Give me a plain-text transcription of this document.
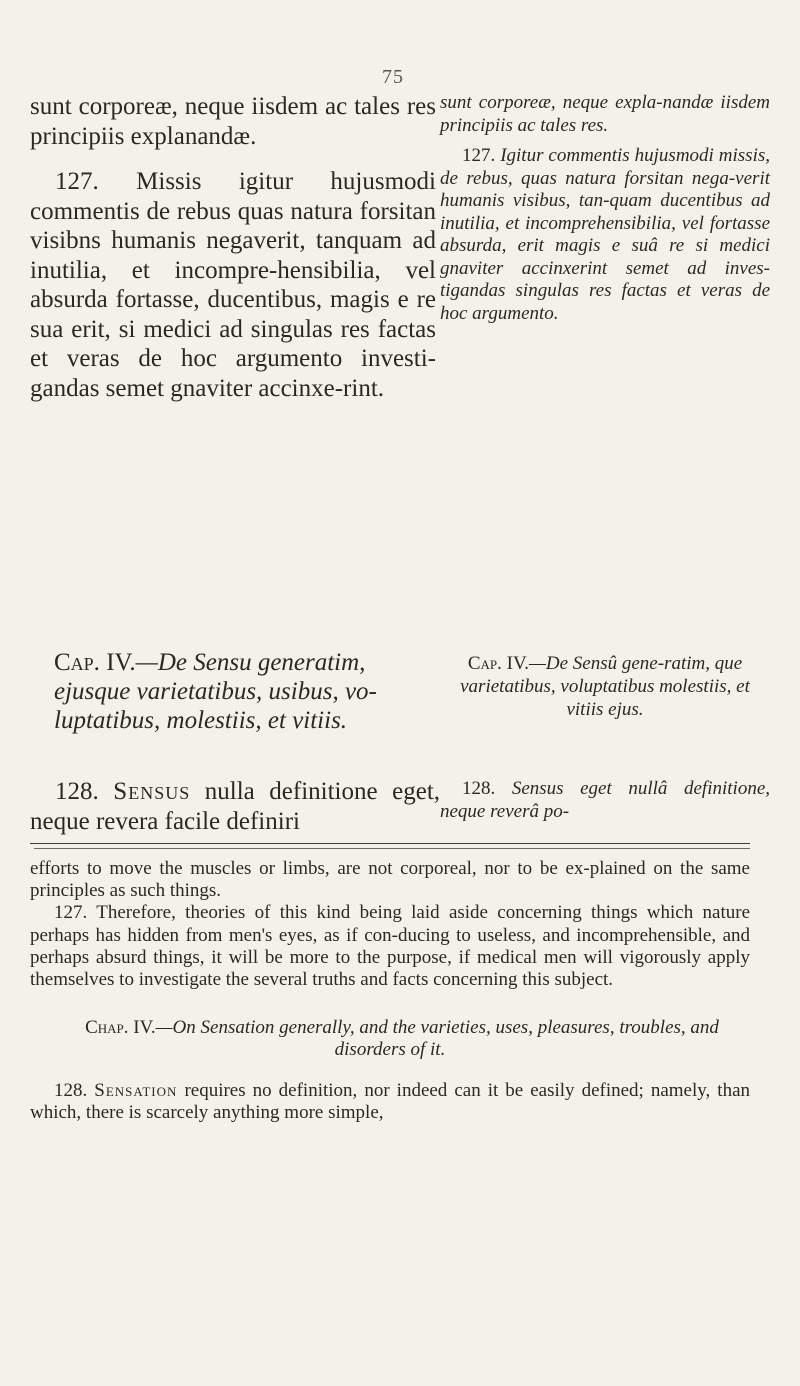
75

sunt corporeæ, neque iisdem ac tales res principiis explanandæ.

127. Missis igitur hujusmodi commentis de rebus quas natura forsitan visibns humanis negaverit, tanquam ad inutilia, et incompre-hensibilia, vel absurda fortasse, ducentibus, magis e re sua erit, si medici ad singulas res factas et veras de hoc argumento investi-gandas semet gnaviter accinxe-rint.

sunt corporeæ, neque expla-nandæ iisdem principiis ac tales res.

127. Igitur commentis hujusmodi missis, de rebus, quas natura forsitan nega-verit humanis visibus, tan-quam ducentibus ad inutilia, et incomprehensibilia, vel fortasse absurda, erit magis e suâ re si medici gnaviter accinxerint semet ad inves-tigandas singulas res factas et veras de hoc argumento.

Cap. IV.—De Sensu generatim, ejusque varietatibus, usibus, vo-luptatibus, molestiis, et vitiis.
Cap. IV.—De Sensû gene-ratim, que varietatibus, voluptatibus molestiis, et vitiis ejus.

128. Sensus nulla definitione eget, neque revera facile definiri

128. Sensus eget nullâ definitione, neque reverâ po-

efforts to move the muscles or limbs, are not corporeal, nor to be ex-plained on the same principles as such things.

127. Therefore, theories of this kind being laid aside concerning things which nature perhaps has hidden from men's eyes, as if con-ducing to useless, and incomprehensible, and perhaps absurd things, it will be more to the purpose, if medical men will vigorously apply themselves to investigate the several truths and facts concerning this subject.

Chap. IV.—On Sensation generally, and the varieties, uses, pleasures, troubles, and disorders of it.

128. Sensation requires no definition, nor indeed can it be easily defined; namely, than which, there is scarcely anything more simple,
